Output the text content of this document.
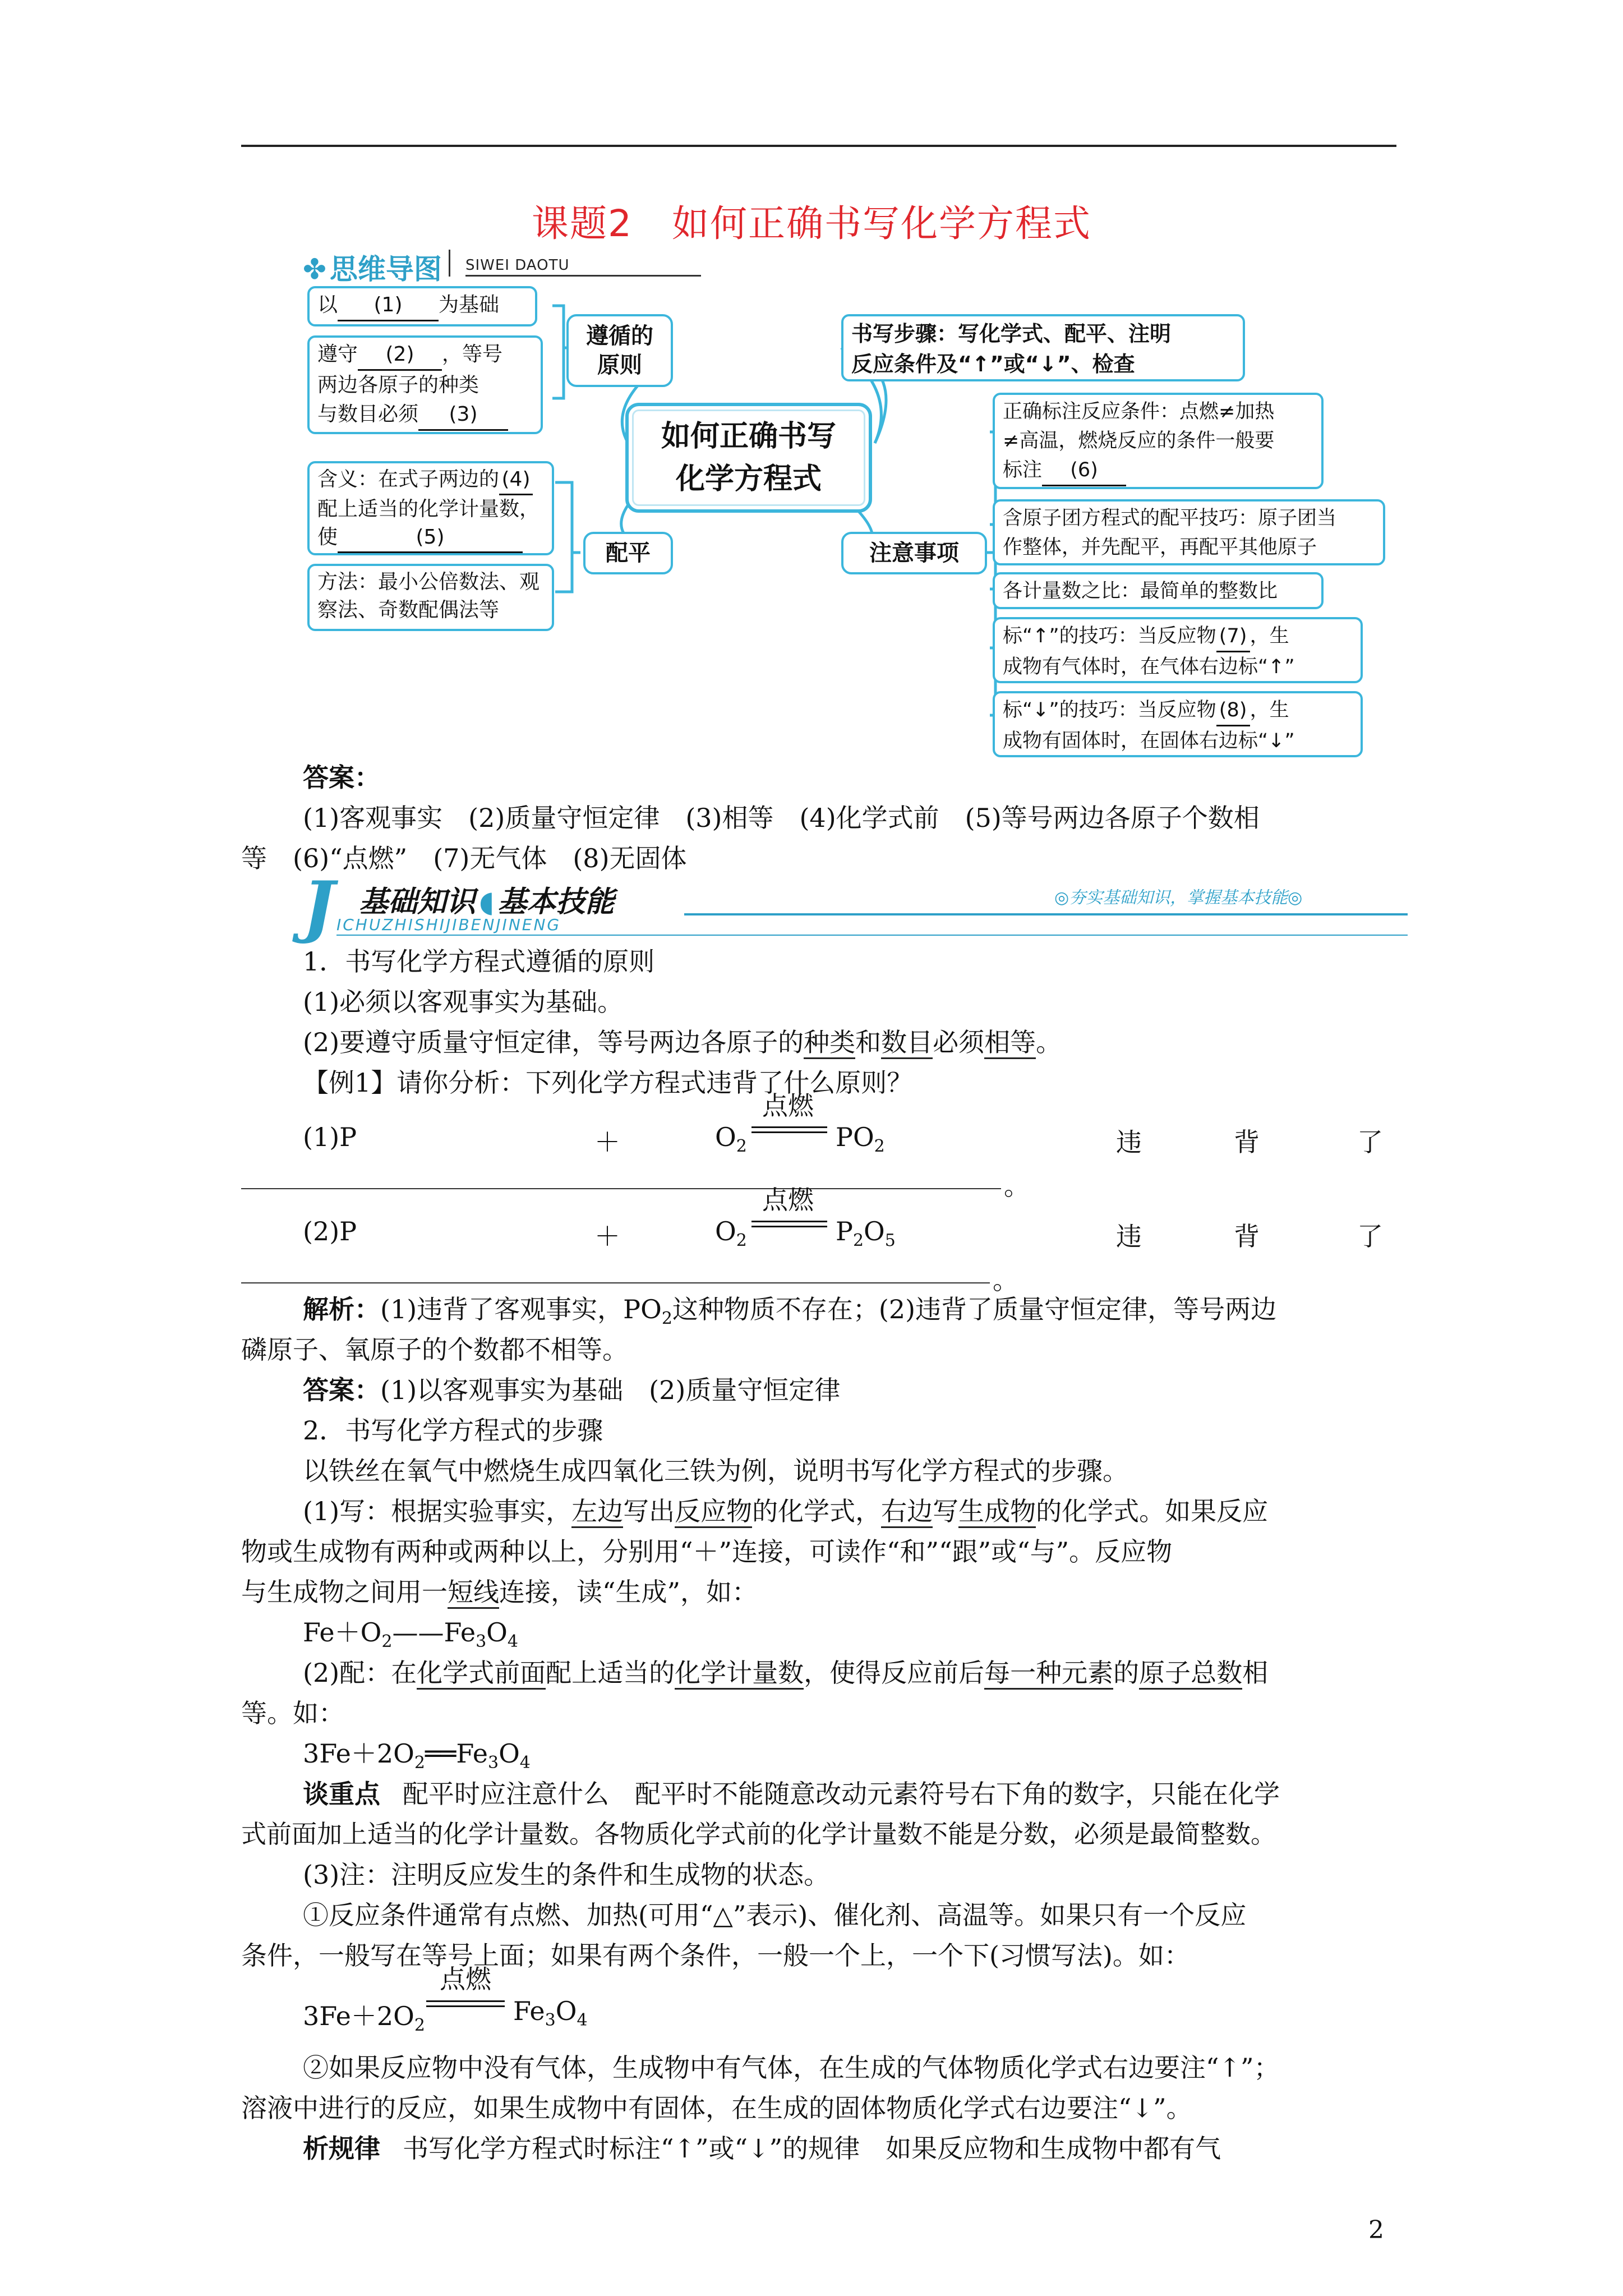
课题2 如何正确书写化学方程式
✤ 思维导图 SIWEI DAOTU
以 (1) 为基础
遵守 (2) ，等号
两边各原子的种类
与数目必须 (3)
遵循的
原则
如何正确书写
化学方程式
含义：在式子两边的 (4)
配上适当的化学计量数，
使	(5)
方法：最小公倍数法、观
察法、奇数配偶法等
配平
书写步骤：写化学式、配平、注明
反应条件及“↑”或“↓”、检查
注意事项
正确标注反应条件：点燃≠加热
≠高温，燃烧反应的条件一般要
标注 (6)
含原子团方程式的配平技巧：原子团当
作整体，并先配平，再配平其他原子
各计量数之比：最简单的整数比
标“↑”的技巧：当反应物 (7) ，生
成物有气体时，在气体右边标“↑”
标“↓”的技巧：当反应物 (8) ，生
成物有固体时，在固体右边标“↓”
答案：
(1)客观事实　(2)质量守恒定律　(3)相等　(4)化学式前　(5)等号两边各原子个数相
等　(6)“点燃”　(7)无气体　(8)无固体
J 基础知识 ◖ 基本技能
ICHUZHISHIJIBENJINENG
◎夯实基础知识，掌握基本技能◎
1．书写化学方程式遵循的原则
(1)必须以客观事实为基础。
(2)要遵守质量守恒定律，等号两边各原子的种类和数目必须相等。
【例1】请你分析：下列化学方程式违背了什么原则？
(1)P	＋	$O_2$
点燃
$PO_2$	违	背	了
。
(2)P	＋	$O_2$
点燃
$P_2O_5$	违	背	了
。
解析：(1)违背了客观事实，$PO_2$这种物质不存在；(2)违背了质量守恒定律，等号两边
磷原子、氧原子的个数都不相等。
答案：(1)以客观事实为基础　(2)质量守恒定律
2．书写化学方程式的步骤
以铁丝在氧气中燃烧生成四氧化三铁为例，说明书写化学方程式的步骤。
(1)写：根据实验事实，左边写出反应物的化学式，右边写生成物的化学式。如果反应
物或生成物有两种或两种以上，分别用“＋”连接，可读作“和”“跟”或“与”。反应物
与生成物之间用一短线连接，读“生成”，如：
$Fe+O_2——Fe_3O_4$
(2)配：在化学式前面配上适当的化学计量数，使得反应前后每一种元素的原子总数相
等。如：
$3Fe+2O_2══Fe_3O_4$
谈重点 配平时应注意什么　配平时不能随意改动元素符号右下角的数字，只能在化学
式前面加上适当的化学计量数。各物质化学式前的化学计量数不能是分数，必须是最简整数。
(3)注：注明反应发生的条件和生成物的状态。
①反应条件通常有点燃、加热(可用“△”表示)、催化剂、高温等。如果只有一个反应
条件，一般写在等号上面；如果有两个条件，一般一个上，一个下(习惯写法)。如：
$3Fe+2O_2$
点燃
$Fe_3O_4$
②如果反应物中没有气体，生成物中有气体，在生成的气体物质化学式右边要注“↑”；
溶液中进行的反应，如果生成物中有固体，在生成的固体物质化学式右边要注“↓”。
析规律 书写化学方程式时标注“↑”或“↓”的规律　如果反应物和生成物中都有气
2
